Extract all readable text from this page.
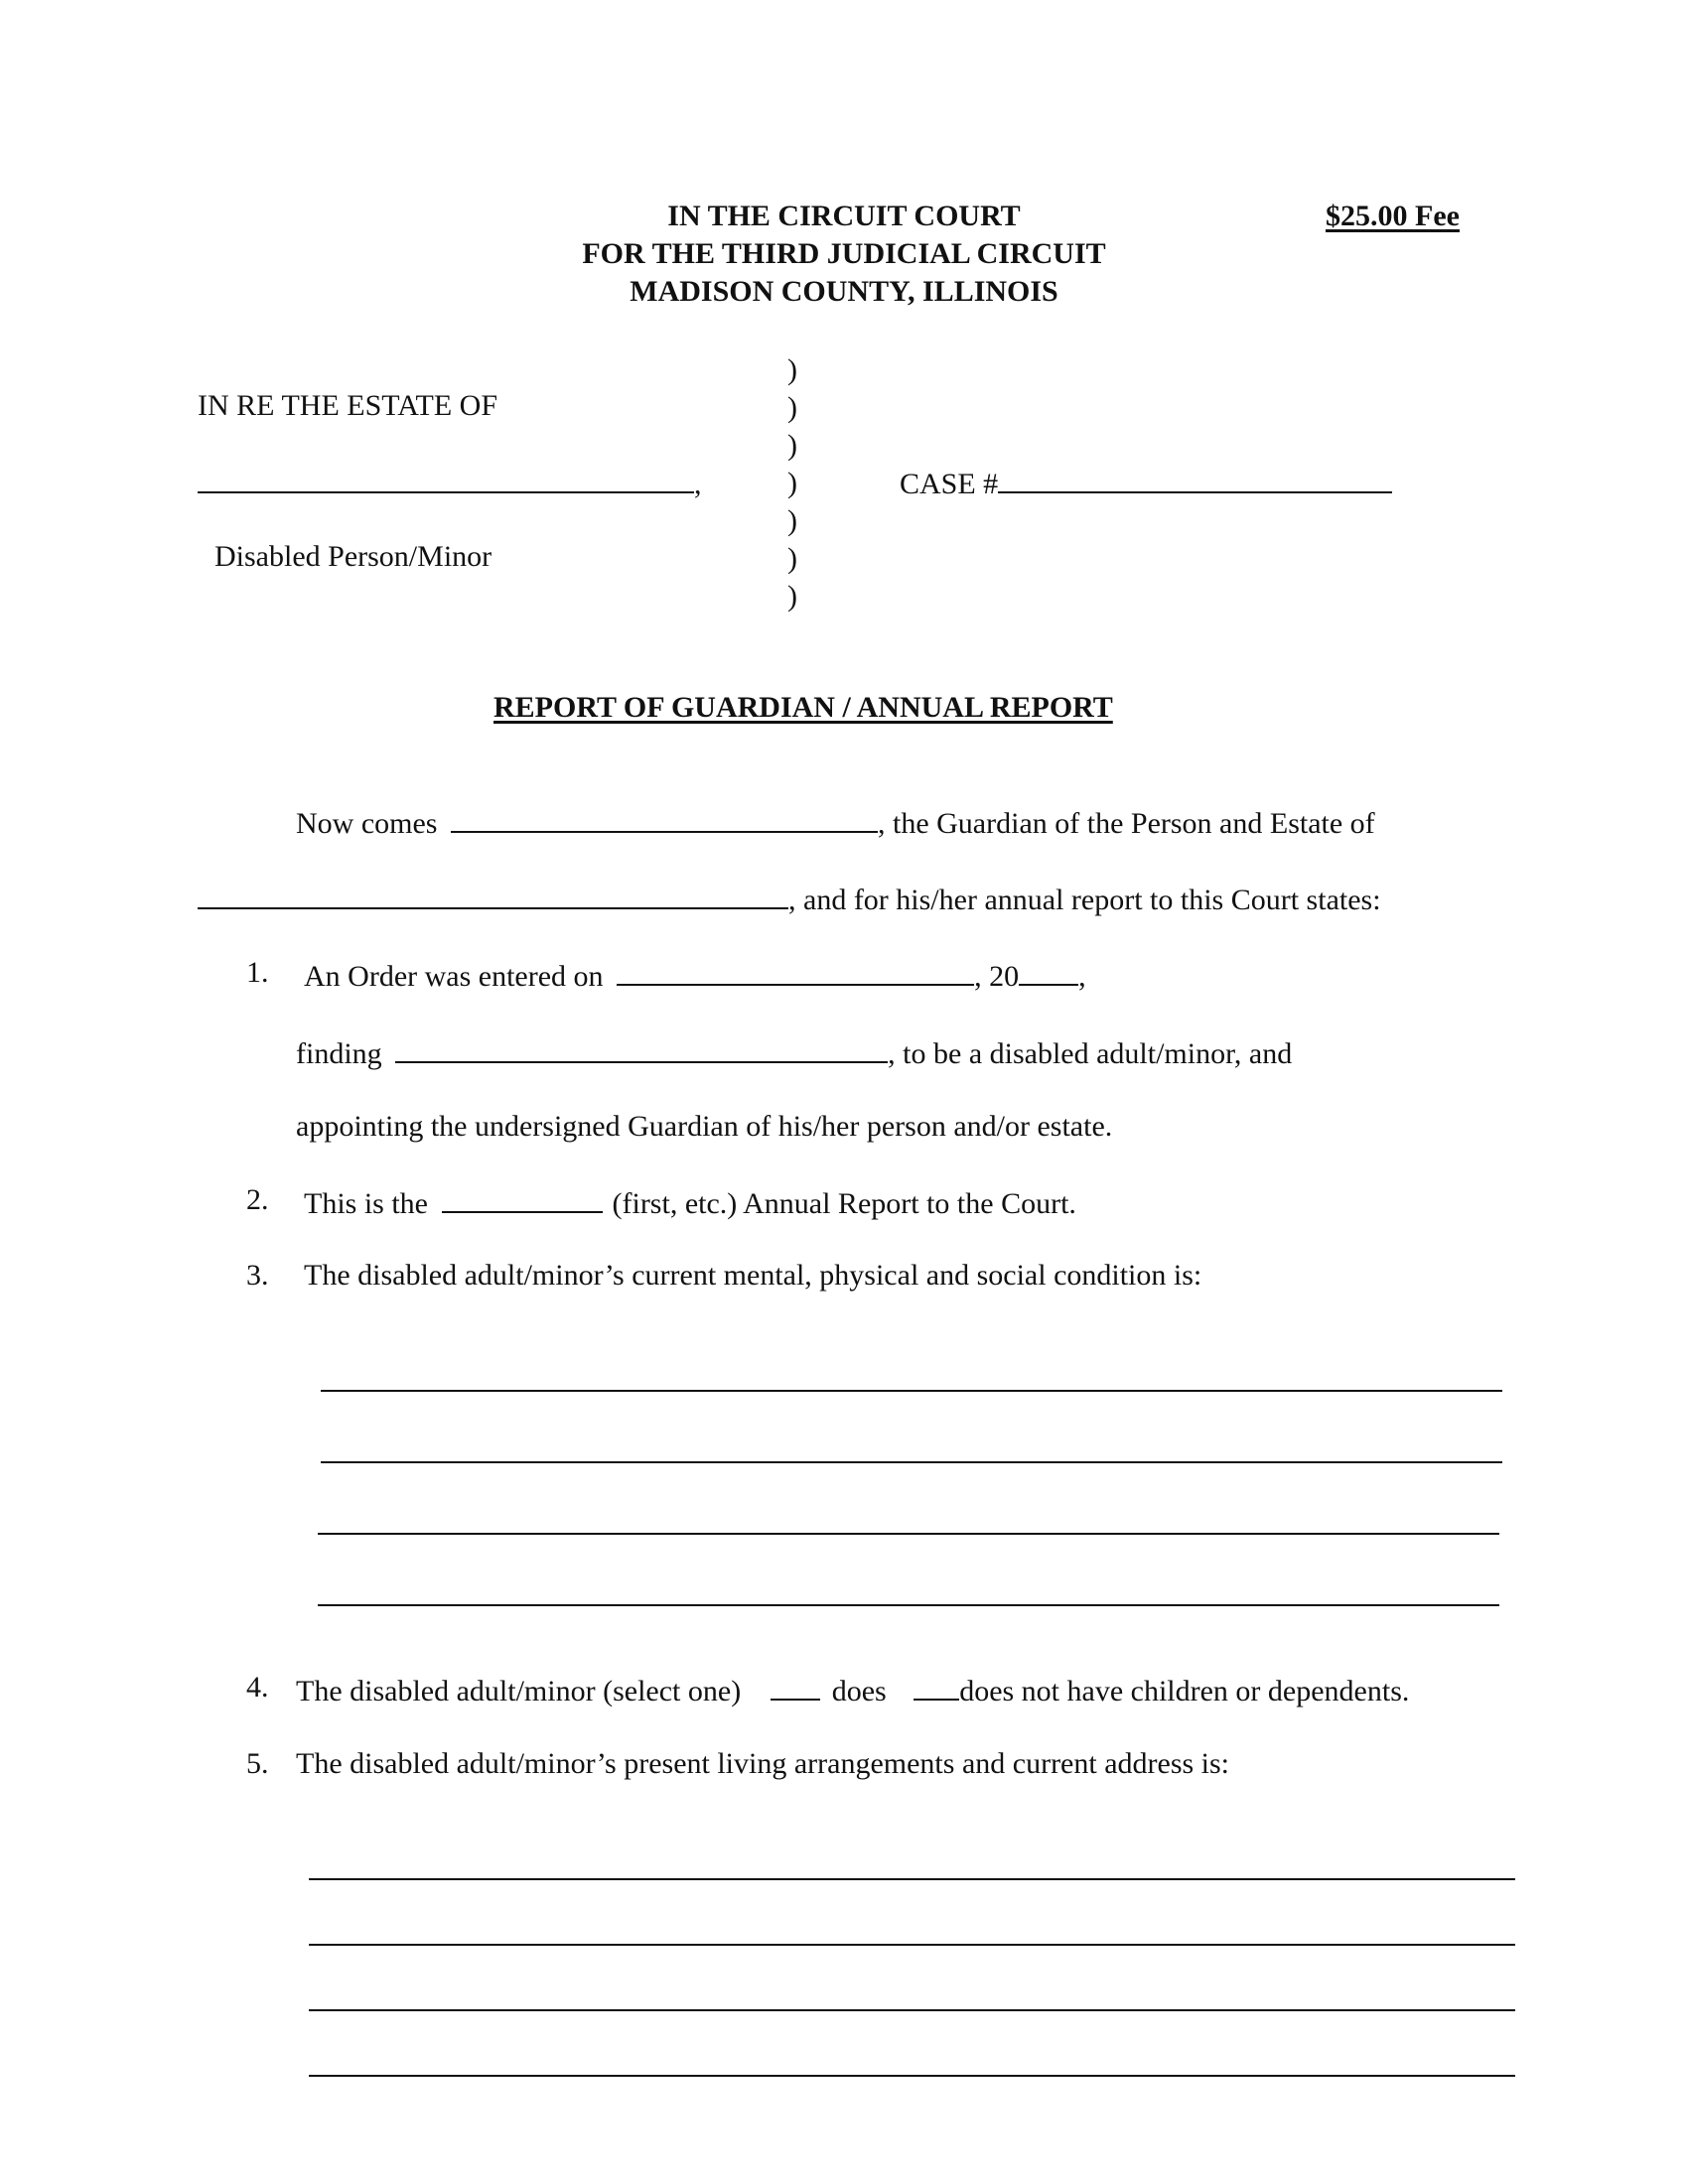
IN THE CIRCUIT COURT
FOR THE THIRD JUDICIAL CIRCUIT
MADISON COUNTY, ILLINOIS
$25.00 Fee
IN RE THE ESTATE OF
,
Disabled Person/Minor
)
)
)
)
)
)
)
CASE #
REPORT OF GUARDIAN / ANNUAL REPORT
Now comes	, the Guardian of the Person and Estate of
, and for his/her annual report to this Court states:
1. An Order was entered on	, 20 ,
finding	, to be a disabled adult/minor, and
appointing the undersigned Guardian of his/her person and/or estate.
2. This is the	(first, etc.) Annual Report to the Court.
3. The disabled adult/minor’s current mental, physical and social condition is:
4. The disabled adult/minor (select one)	does does not have children or dependents.
5. The disabled adult/minor’s present living arrangements and current address is:
